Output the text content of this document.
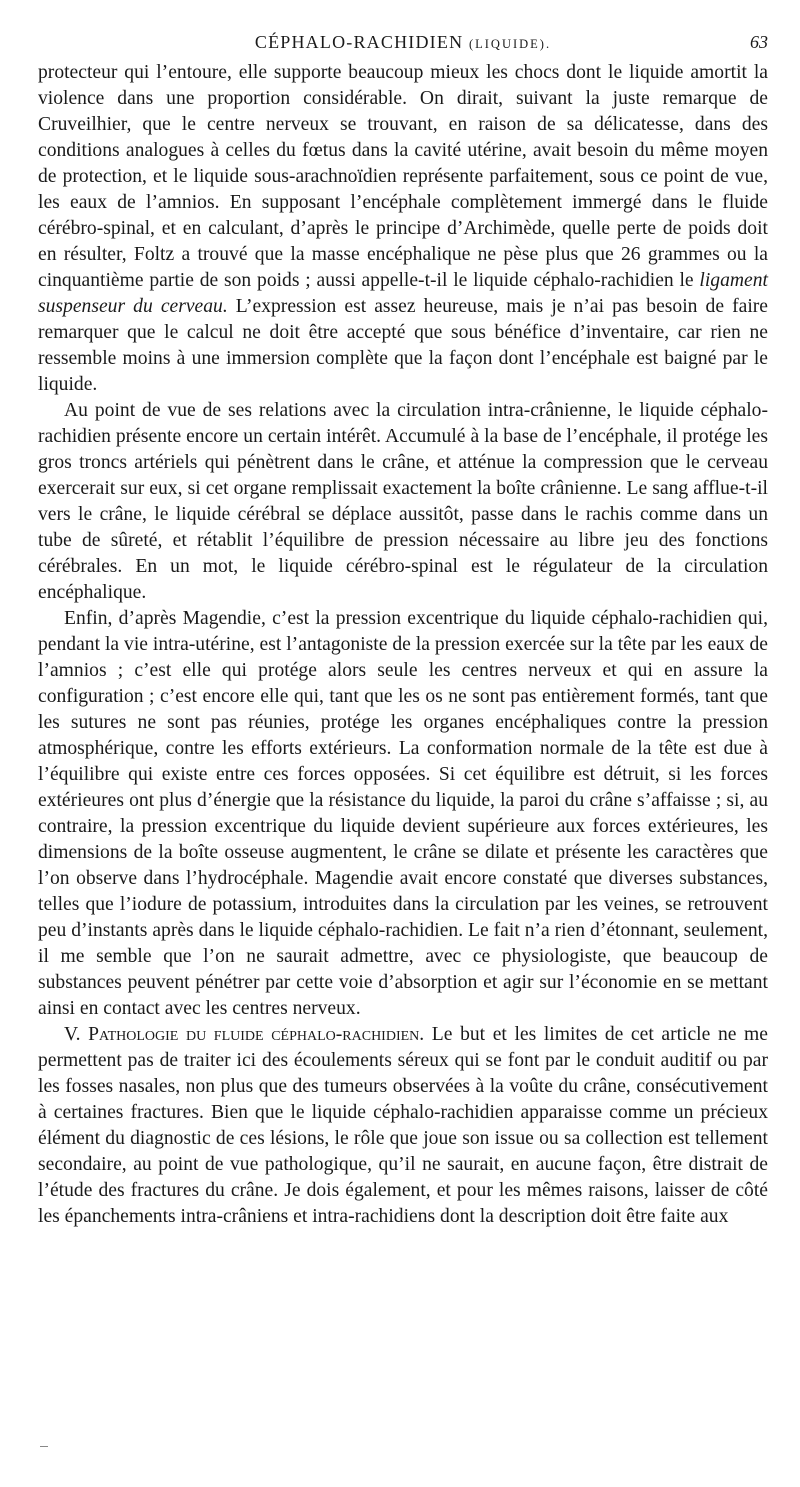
CÉPHALO-RACHIDIEN (LIQUIDE).	63

protecteur qui l’entoure, elle supporte beaucoup mieux les chocs dont le liquide amortit la violence dans une proportion considérable. On dirait, suivant la juste remarque de Cruveilhier, que le centre nerveux se trouvant, en raison de sa délicatesse, dans des conditions analogues à celles du fœtus dans la cavité utérine, avait besoin du même moyen de protection, et le liquide sous-arachnoïdien représente parfaitement, sous ce point de vue, les eaux de l’amnios. En supposant l’encéphale complètement immergé dans le fluide cérébro-spinal, et en calculant, d’après le principe d’Archimède, quelle perte de poids doit en résulter, Foltz a trouvé que la masse encéphalique ne pèse plus que 26 grammes ou la cinquantième partie de son poids ; aussi appelle-t-il le liquide céphalo-rachidien le ligament suspenseur du cerveau. L’expression est assez heureuse, mais je n’ai pas besoin de faire remarquer que le calcul ne doit être accepté que sous bénéfice d’inventaire, car rien ne ressemble moins à une immersion complète que la façon dont l’encéphale est baigné par le liquide.

Au point de vue de ses relations avec la circulation intra-crânienne, le liquide céphalo-rachidien présente encore un certain intérêt. Accumulé à la base de l’encéphale, il protége les gros troncs artériels qui pénètrent dans le crâne, et atténue la compression que le cerveau exercerait sur eux, si cet organe remplissait exactement la boîte crânienne. Le sang afflue-t-il vers le crâne, le liquide cérébral se déplace aussitôt, passe dans le rachis comme dans un tube de sûreté, et rétablit l’équilibre de pression nécessaire au libre jeu des fonctions cérébrales. En un mot, le liquide cérébro-spinal est le régulateur de la circulation encéphalique.

Enfin, d’après Magendie, c’est la pression excentrique du liquide céphalo-rachidien qui, pendant la vie intra-utérine, est l’antagoniste de la pression exercée sur la tête par les eaux de l’amnios ; c’est elle qui protége alors seule les centres nerveux et qui en assure la configuration ; c’est encore elle qui, tant que les os ne sont pas entièrement formés, tant que les sutures ne sont pas réunies, protége les organes encéphaliques contre la pression atmosphérique, contre les efforts extérieurs. La conformation normale de la tête est due à l’équilibre qui existe entre ces forces opposées. Si cet équilibre est détruit, si les forces extérieures ont plus d’énergie que la résistance du liquide, la paroi du crâne s’affaisse ; si, au contraire, la pression excentrique du liquide devient supérieure aux forces extérieures, les dimensions de la boîte osseuse augmentent, le crâne se dilate et présente les caractères que l’on observe dans l’hydrocéphale. Magendie avait encore constaté que diverses substances, telles que l’iodure de potassium, introduites dans la circulation par les veines, se retrouvent peu d’instants après dans le liquide céphalo-rachidien. Le fait n’a rien d’étonnant, seulement, il me semble que l’on ne saurait admettre, avec ce physiologiste, que beaucoup de substances peuvent pénétrer par cette voie d’absorption et agir sur l’économie en se mettant ainsi en contact avec les centres nerveux.

V. Pathologie du fluide céphalo-rachidien. Le but et les limites de cet article ne me permettent pas de traiter ici des écoulements séreux qui se font par le conduit auditif ou par les fosses nasales, non plus que des tumeurs observées à la voûte du crâne, consécutivement à certaines fractures. Bien que le liquide céphalo-rachidien apparaisse comme un précieux élément du diagnostic de ces lésions, le rôle que joue son issue ou sa collection est tellement secondaire, au point de vue pathologique, qu’il ne saurait, en aucune façon, être distrait de l’étude des fractures du crâne. Je dois également, et pour les mêmes raisons, laisser de côté les épanchements intra-crâniens et intra-rachidiens dont la description doit être faite aux
